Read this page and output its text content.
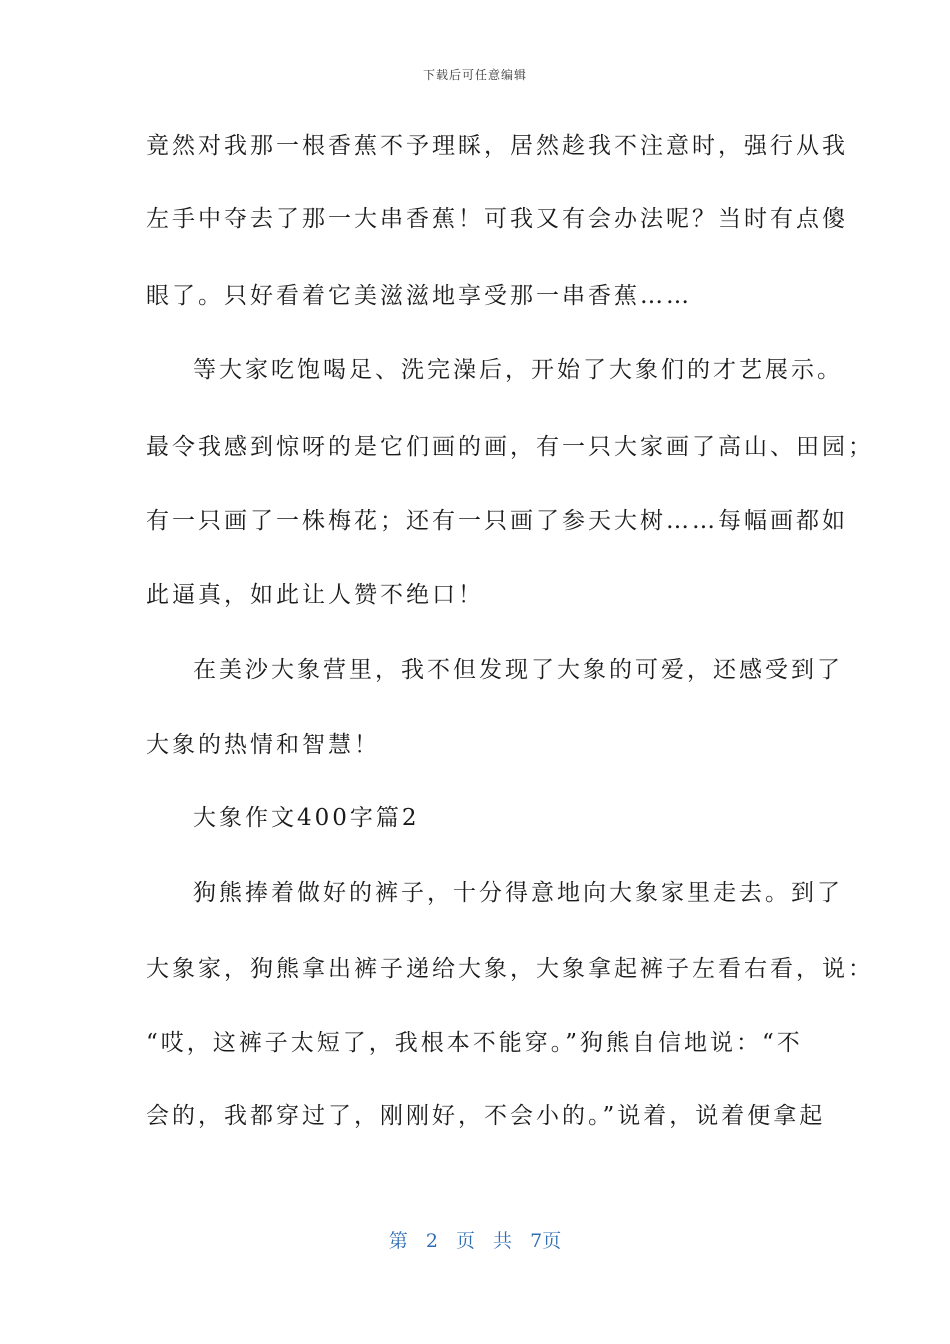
下载后可任意编辑
竟然对我那一根香蕉不予理睬，居然趁我不注意时，强行从我
左手中夺去了那一大串香蕉！可我又有会办法呢？当时有点傻
眼了。只好看着它美滋滋地享受那一串香蕉……
等大家吃饱喝足、洗完澡后，开始了大象们的才艺展示。
最令我感到惊呀的是它们画的画，有一只大家画了高山、田园；
有一只画了一株梅花；还有一只画了参天大树……每幅画都如
此逼真，如此让人赞不绝口！
在美沙大象营里，我不但发现了大象的可爱，还感受到了
大象的热情和智慧！
大象作文400字篇2
狗熊捧着做好的裤子，十分得意地向大象家里走去。到了
大象家，狗熊拿出裤子递给大象，大象拿起裤子左看右看，说：
“哎，这裤子太短了，我根本不能穿。”狗熊自信地说：“不
会的，我都穿过了，刚刚好，不会小的。”说着，说着便拿起
第 2 页 共 7页
